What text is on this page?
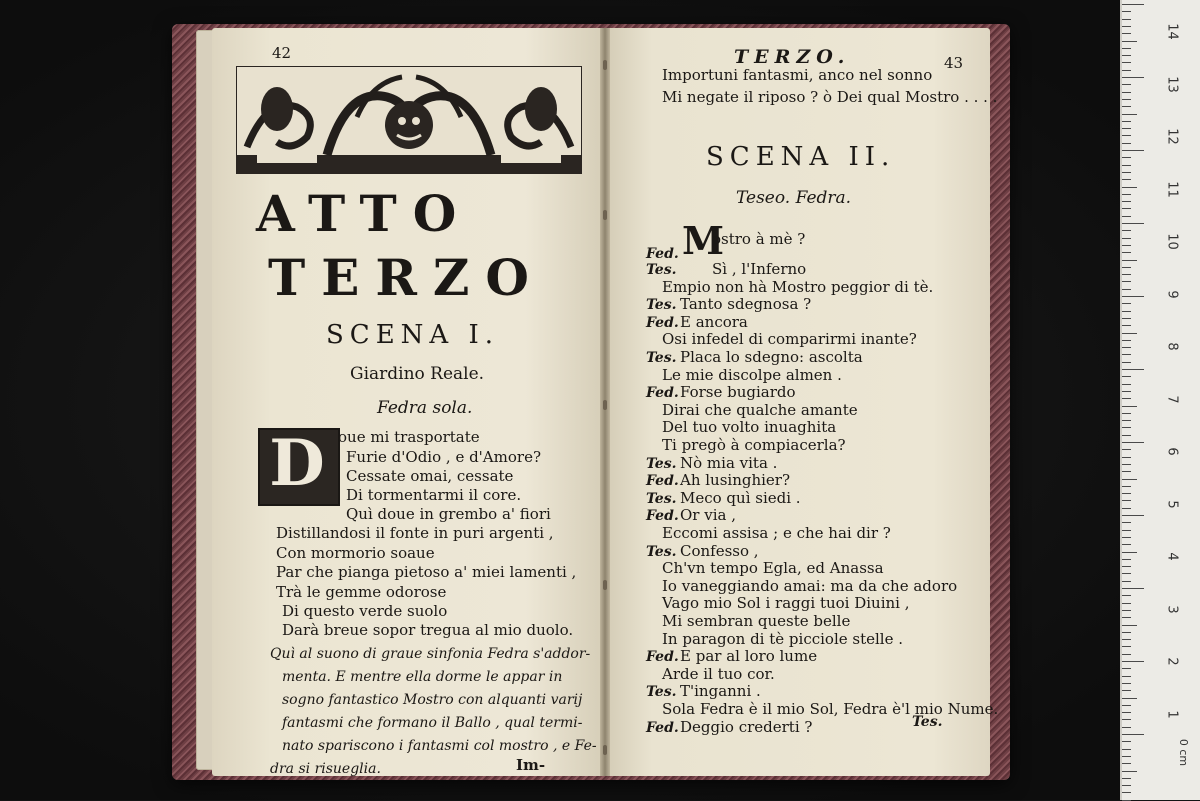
42
ATTO
TERZO
SCENA I.
Giardino Reale.
Fedra sola.
D oue mi trasportate
Furie d'Odio , e d'Amore?
Cessate omai, cessate
Di tormentarmi il core.
Quì doue in grembo a' fiori
Distillandosi il fonte in puri argenti ,
Con mormorio soaue
Par che pianga pietoso a' miei lamenti ,
Trà le gemme odorose
Di questo verde suolo
Darà breue sopor tregua al mio duolo.
Quì al suono di graue sinfonia Fedra s'addor-
menta. E mentre ella dorme le appar in
sogno fantastico Mostro con alquanti varij
fantasmi che formano il Ballo , qual termi-
nato spariscono i fantasmi col mostro , e Fe-
dra si risueglia.	Im-
TERZO.	43
Importuni fantasmi, anco nel sonno
Mi negate il riposo ? ò Dei qual Mostro . . . .
SCENA II.
Teseo. Fedra.
M
ostro à mè ?
Fed.
Tes. Sì , l'Inferno
Empio non hà Mostro peggior di tè.
Tes. Tanto sdegnosa ?
Fed. E ancora
Osi infedel di comparirmi inante?
Tes. Placa lo sdegno: ascolta
Le mie discolpe almen .
Fed. Forse bugiardo
Dirai che qualche amante
Del tuo volto inuaghita
Ti pregò à compiacerla?
Tes. Nò mia vita .
Fed. Ah lusinghier?
Tes. Meco quì siedi .
Fed. Or via ,
Eccomi assisa ; e che hai dir ?
Tes. Confesso ,
Ch'vn tempo Egla, ed Anassa
Io vaneggiando amai: ma da che adoro
Vago mio Sol i raggi tuoi Diuini ,
Mi sembran queste belle
In paragon di tè picciole stelle .
Fed. E par al loro lume
Arde il tuo cor.
Tes. T'inganni .
Sola Fedra è il mio Sol, Fedra è'l mio Nume.
Fed. Deggio crederti ?	Tes.
0 cm
14
13
12
11
10
9
8
7
6
5
4
3
2
1
